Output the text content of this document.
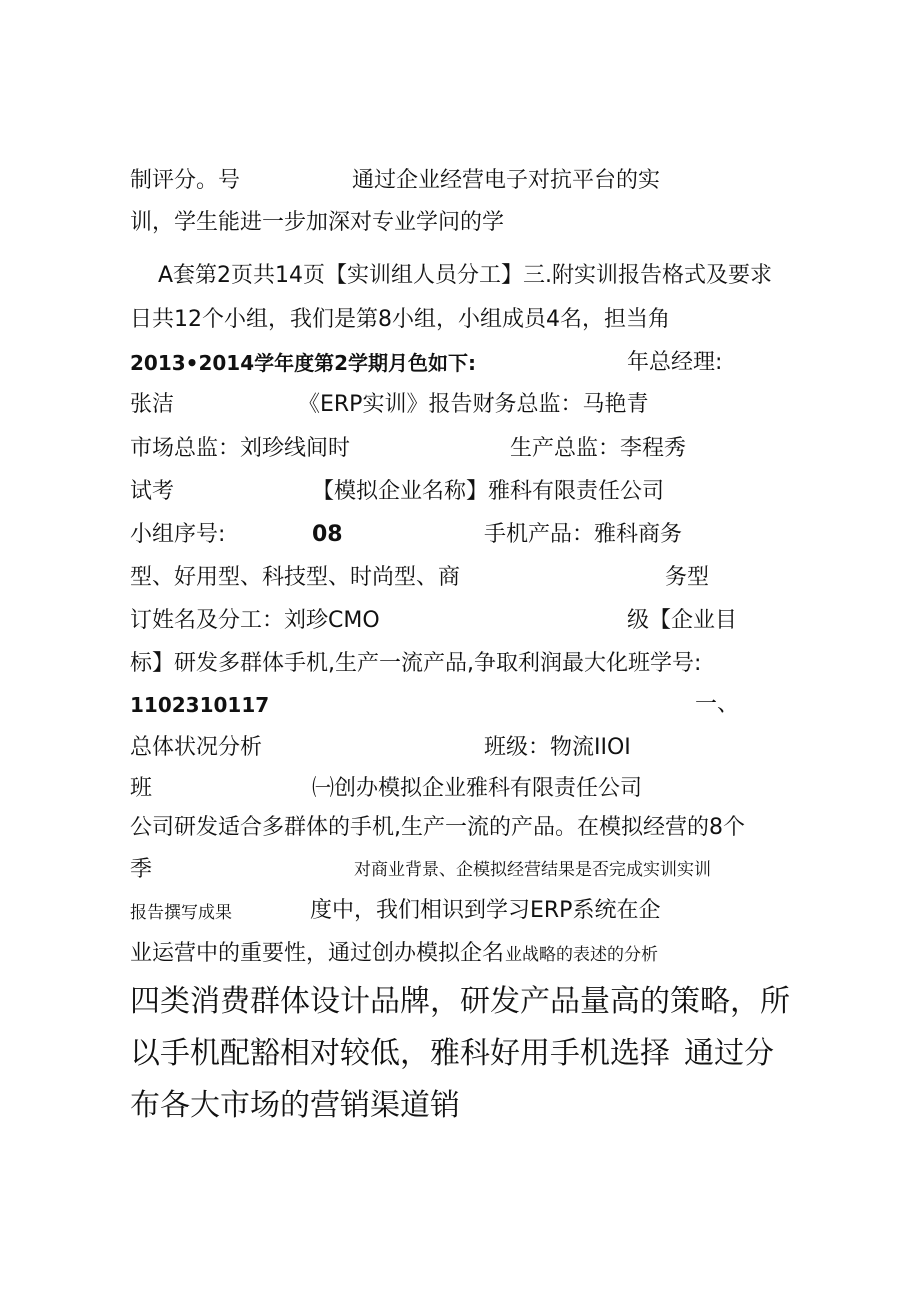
制评分。号	通过企业经营电子对抗平台的实
训，学生能进一步加深对专业学问的学
A套第2页共14页【实训组人员分工】三.附实训报告格式及要求
日共12个小组，我们是第8小组，小组成员4名，担当角
2013•2014学年度第2学期月色如下:	年总经理:
张洁	《ERP实训》报告财务总监：马艳青
市场总监：刘珍线间时	生产总监：李程秀
试考	【模拟企业名称】雅科有限责任公司
小组序号:	08	手机产品：雅科商务
型、好用型、科技型、时尚型、商	务型
订姓名及分工：刘珍CMO	级【企业目
标】研发多群体手机,生产一流产品,争取利润最大化班学号:
1102310117	一、
总体状况分析	班级：物流IIOI
班	㈠创办模拟企业雅科有限责任公司
公司研发适合多群体的手机,生产一流的产品。在模拟经营的8个
季	对商业背景、企模拟经营结果是否完成实训实训
报告撰写成果	度中，我们相识到学习ERP系统在企
业运营中的重要性，通过创办模拟企名 业战略的表述的分析
四类消费群体设计品牌，研发产品量高的策略，所
以手机配豁相对较低，雅科好用手机选择 通过分
布各大市场的营销渠道销
